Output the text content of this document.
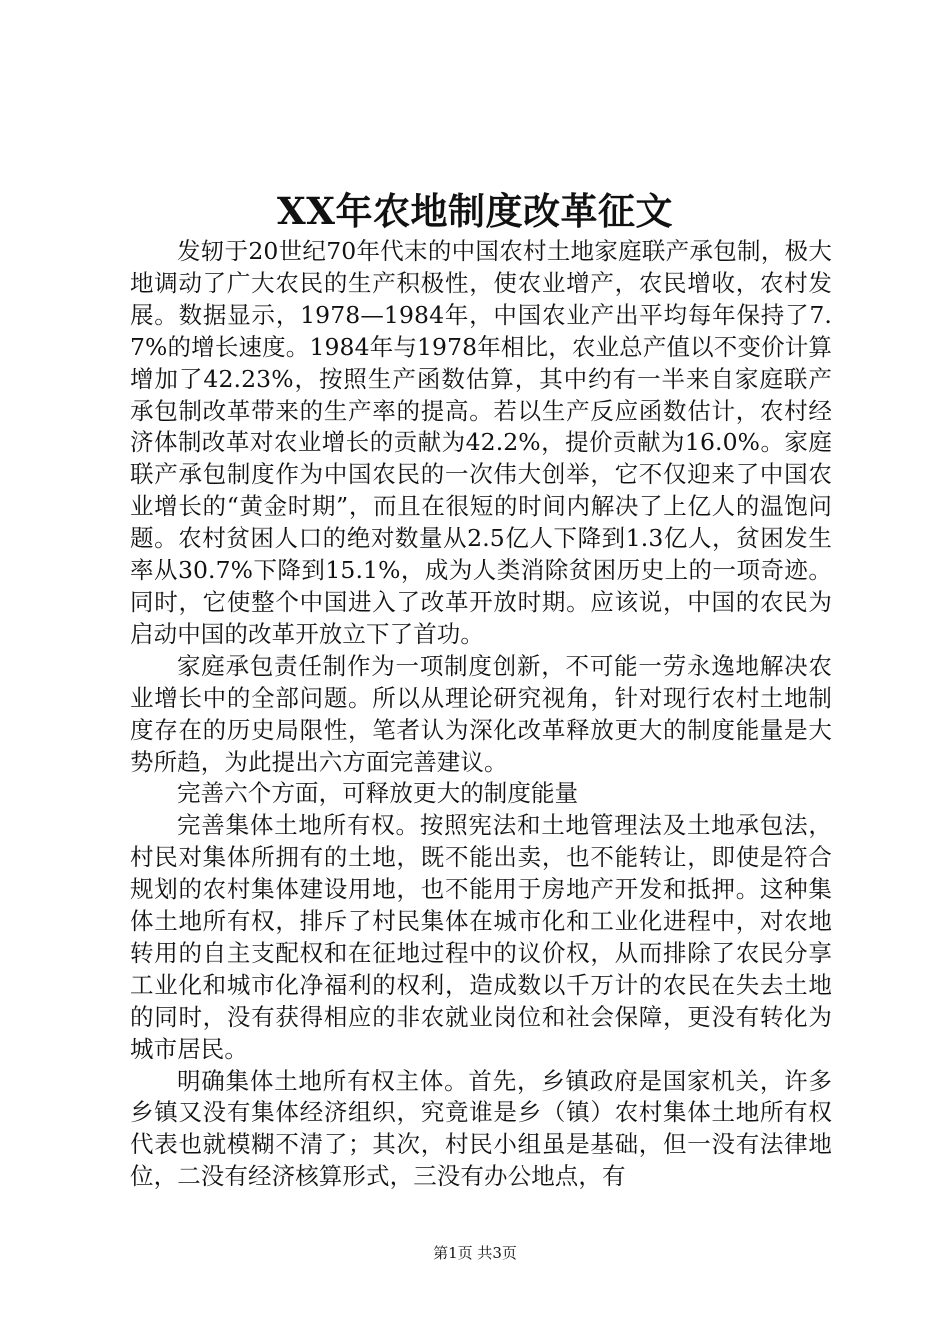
XX年农地制度改革征文

发轫于20世纪70年代末的中国农村土地家庭联产承包制，极大地调动了广大农民的生产积极性，使农业增产，农民增收，农村发展。数据显示，1978—1984年，中国农业产出平均每年保持了7.7%的增长速度。1984年与1978年相比，农业总产值以不变价计算增加了42.23%，按照生产函数估算，其中约有一半来自家庭联产承包制改革带来的生产率的提高。若以生产反应函数估计，农村经济体制改革对农业增长的贡献为42.2%，提价贡献为16.0%。家庭联产承包制度作为中国农民的一次伟大创举，它不仅迎来了中国农业增长的“黄金时期”，而且在很短的时间内解决了上亿人的温饱问题。农村贫困人口的绝对数量从2.5亿人下降到1.3亿人，贫困发生率从30.7%下降到15.1%，成为人类消除贫困历史上的一项奇迹。同时，它使整个中国进入了改革开放时期。应该说，中国的农民为启动中国的改革开放立下了首功。

家庭承包责任制作为一项制度创新，不可能一劳永逸地解决农业增长中的全部问题。所以从理论研究视角，针对现行农村土地制度存在的历史局限性，笔者认为深化改革释放更大的制度能量是大势所趋，为此提出六方面完善建议。

完善六个方面，可释放更大的制度能量

完善集体土地所有权。按照宪法和土地管理法及土地承包法，村民对集体所拥有的土地，既不能出卖，也不能转让，即使是符合规划的农村集体建设用地，也不能用于房地产开发和抵押。这种集体土地所有权，排斥了村民集体在城市化和工业化进程中，对农地转用的自主支配权和在征地过程中的议价权，从而排除了农民分享工业化和城市化净福利的权利，造成数以千万计的农民在失去土地的同时，没有获得相应的非农就业岗位和社会保障，更没有转化为城市居民。

明确集体土地所有权主体。首先，乡镇政府是国家机关，许多乡镇又没有集体经济组织，究竟谁是乡（镇）农村集体土地所有权代表也就模糊不清了；其次，村民小组虽是基础，但一没有法律地位，二没有经济核算形式，三没有办公地点，有

第1页 共3页
